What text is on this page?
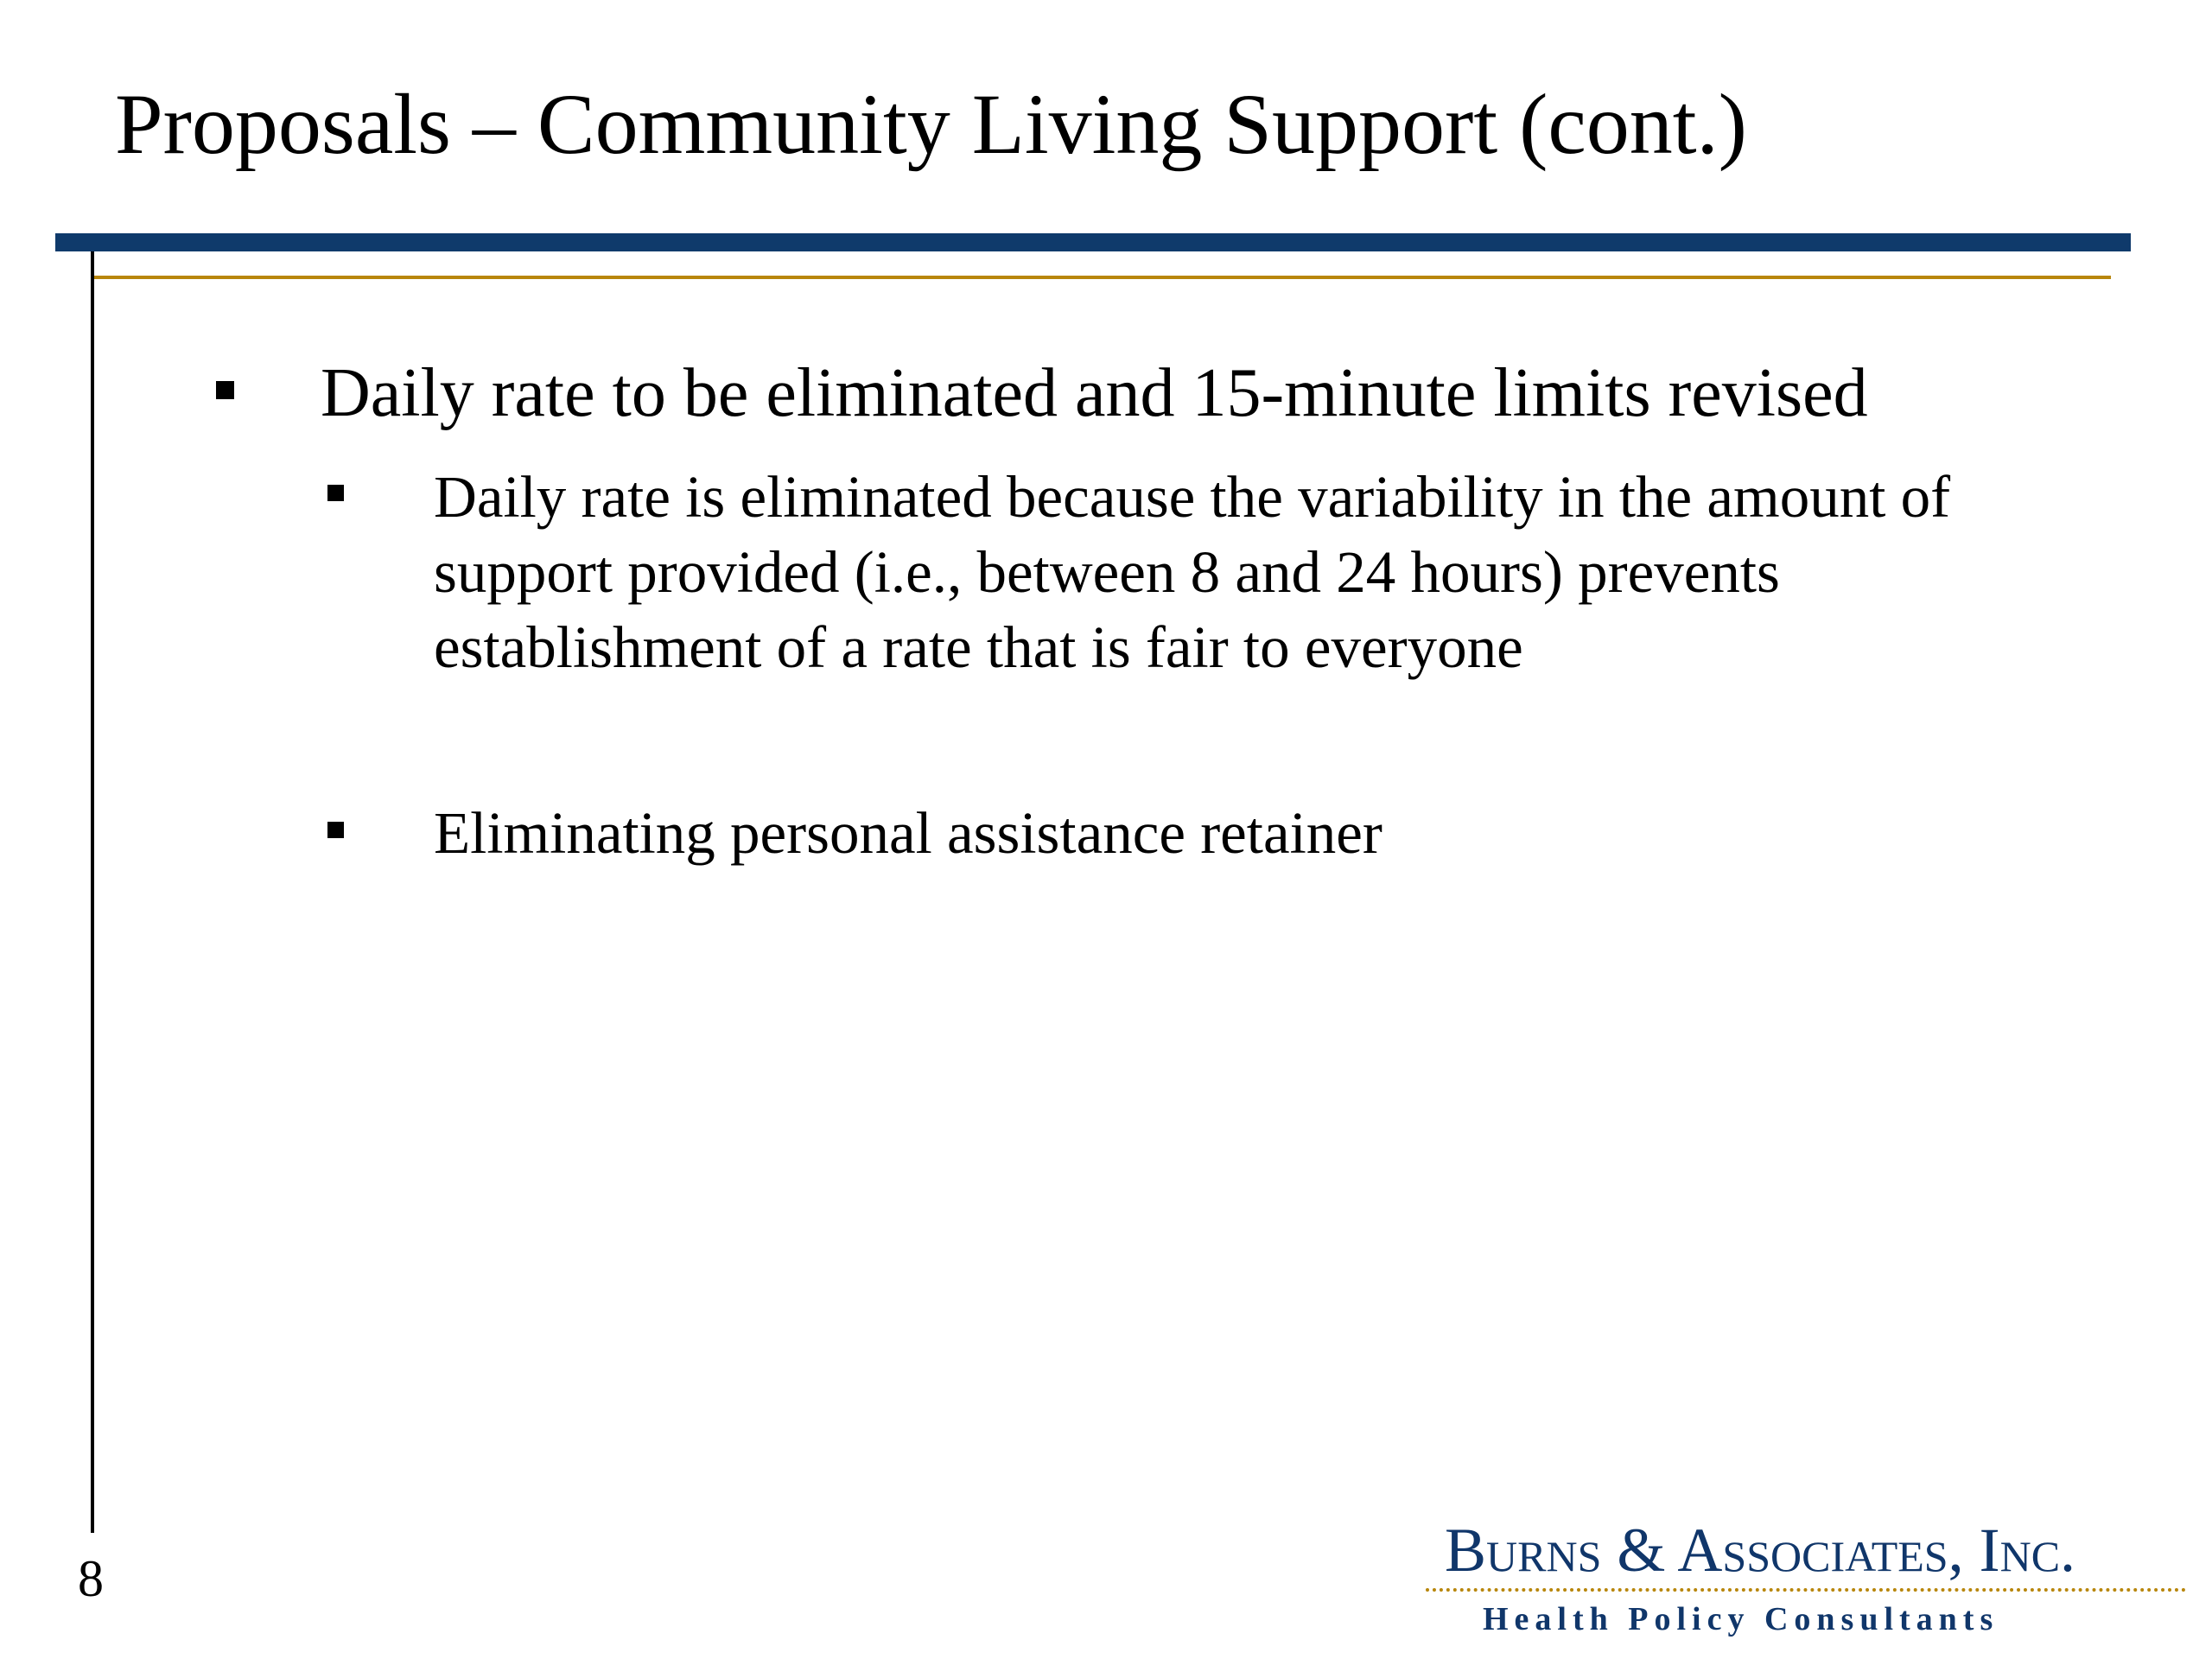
Proposals – Community Living Support (cont.)
Daily rate to be eliminated and 15-minute limits revised
Daily rate is eliminated because the variability in the amount of support provided (i.e., between 8 and 24 hours) prevents establishment of a rate that is fair to everyone
Eliminating personal assistance retainer
8	Burns & Associates, Inc.
Health Policy Consultants
